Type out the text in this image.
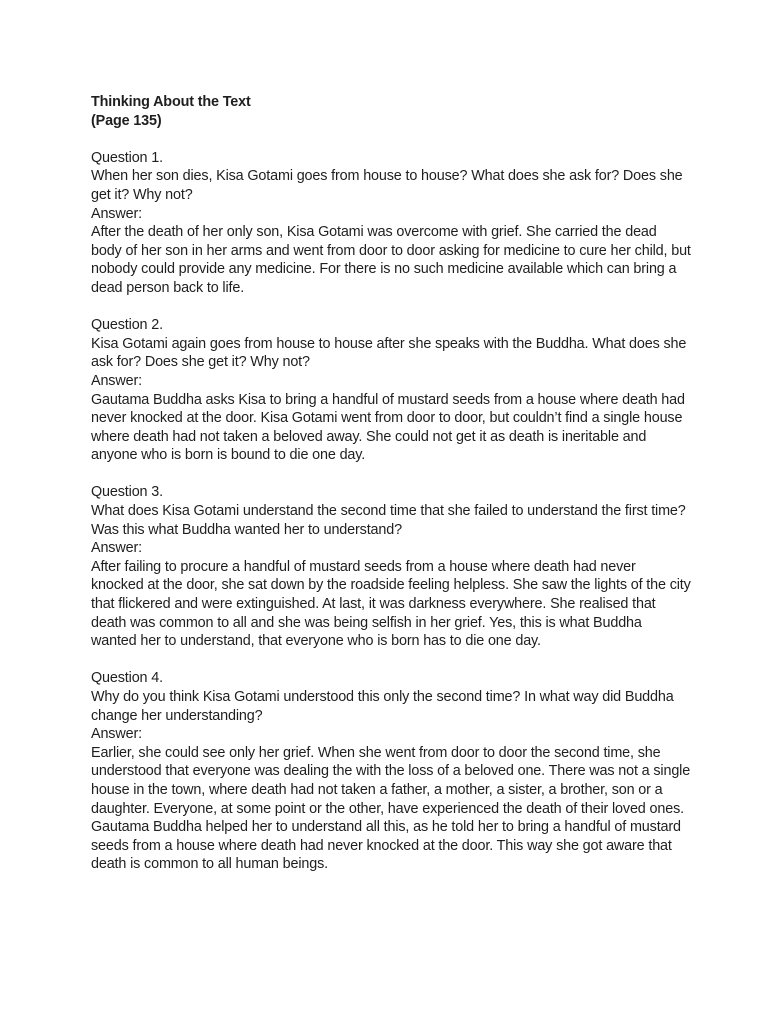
Thinking About the Text

(Page 135)

Question 1.

When her son dies, Kisa Gotami goes from house to house? What does she ask for? Does she get it? Why not?

Answer:

After the death of her only son, Kisa Gotami was overcome with grief. She carried the dead body of her son in her arms and went from door to door asking for medicine to cure her child, but nobody could provide any medicine. For there is no such medicine available which can bring a dead person back to life.

Question 2.

Kisa Gotami again goes from house to house after she speaks with the Buddha. What does she ask for? Does she get it? Why not?

Answer:

Gautama Buddha asks Kisa to bring a handful of mustard seeds from a house where death had never knocked at the door. Kisa Gotami went from door to door, but couldn’t find a single house where death had not taken a beloved away. She could not get it as death is ineritable and anyone who is born is bound to die one day.

Question 3.

What does Kisa Gotami understand the second time that she failed to understand the first time? Was this what Buddha wanted her to understand?

Answer:

After failing to procure a handful of mustard seeds from a house where death had never knocked at the door, she sat down by the roadside feeling helpless. She saw the lights of the city that flickered and were extinguished. At last, it was darkness everywhere. She realised that death was common to all and she was being selfish in her grief. Yes, this is what Buddha wanted her to understand, that everyone who is born has to die one day.

Question 4.

Why do you think Kisa Gotami understood this only the second time? In what way did Buddha change her understanding?

Answer:

Earlier, she could see only her grief. When she went from door to door the second time, she understood that everyone was dealing the with the loss of a beloved one. There was not a single house in the town, where death had not taken a father, a mother, a sister, a brother, son or a daughter. Everyone, at some point or the other, have experienced the death of their loved ones. Gautama Buddha helped her to understand all this, as he told her to bring a handful of mustard seeds from a house where death had never knocked at the door. This way she got aware that death is common to all human beings.
